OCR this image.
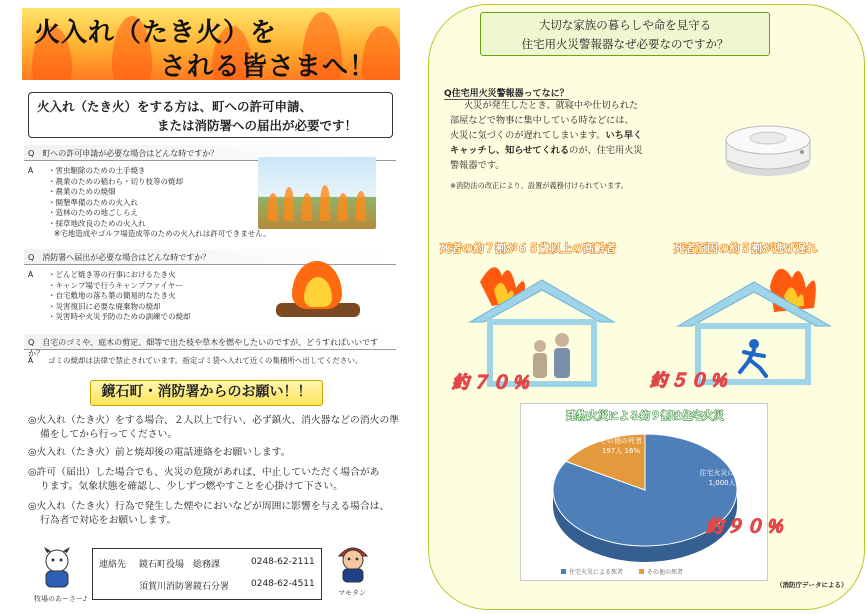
火入れ（たき火）を
される皆さまへ！
火入れ（たき火）をする方は、町への許可申請、
または消防署への届出が必要です！
Q　町への許可申請が必要な場合はどんな時ですか？
A ・害虫駆除のための土手焼き
・農業のための稲わら・切り枝等の焼却
・農業のための焼畑
・開墾準備のための火入れ
・造林のための地ごしらえ
・採草地改良のための火入れ
※宅地造成やゴルフ場造成等のための火入れは許可できません。
Q　消防署へ届出が必要な場合はどんな時ですか？
A ・どんど焼き等の行事におけるたき火
・キャンプ場で行うキャンプファイヤー
・自宅敷地の落ち葉の簡易的なたき火
・災害復旧に必要な廃棄物の焼却
・災害時や火災予防のための訓練での焼却
Q　自宅のゴミや、庭木の剪定、畑等で出た枝や草木を燃やしたいのですが、どうすればいいですか？
A ゴミの焼却は法律で禁止されています。指定ゴミ袋へ入れて近くの集積所へ出してください。
鏡石町・消防署からのお願い！！
◎火入れ（たき火）をする場合、２人以上で行い、必ず鎮火、消火器などの消火の準
備をしてから行ってください。
◎火入れ（たき火）前と焼却後の電話連絡をお願いします。
◎許可（届出）した場合でも、火災の危険があれば、中止していただく場合があ
ります。気象状態を確認し、少しずつ燃やすことを心掛けて下さい。
◎火入れ（たき火）行為で発生した煙やにおいなどが周囲に影響を与える場合は、
行為者で対応をお願いします。
牧場のあーさー♪
連絡先 鏡石町役場　総務課	0248-62-2111
須賀川消防署鏡石分署 0248-62-4511
マモタン
大切な家族の暮らしや命を見守る
住宅用火災警報器なぜ必要なのですか？
Q住宅用火災警報器ってなに？
火災が発生したとき、就寝中や仕切られた
部屋などで物事に集中している時などには、
火災に気づくのが遅れてしまいます。いち早く
キャッチし、知らせてくれるのが、住宅用火災
警報器です。
※消防法の改正により、設置が義務付けられています。
死者の約７割が６５歳以上の高齢者
約７０％
死者原因の約５割が逃げ遅れ
約５０％
建物火災による約９割は住宅火災
住宅火災による死者
1,000人 84%
その他の死者
197人 16%
住宅火災による死者	その他の死者
約９０％
（消防庁データによる）
